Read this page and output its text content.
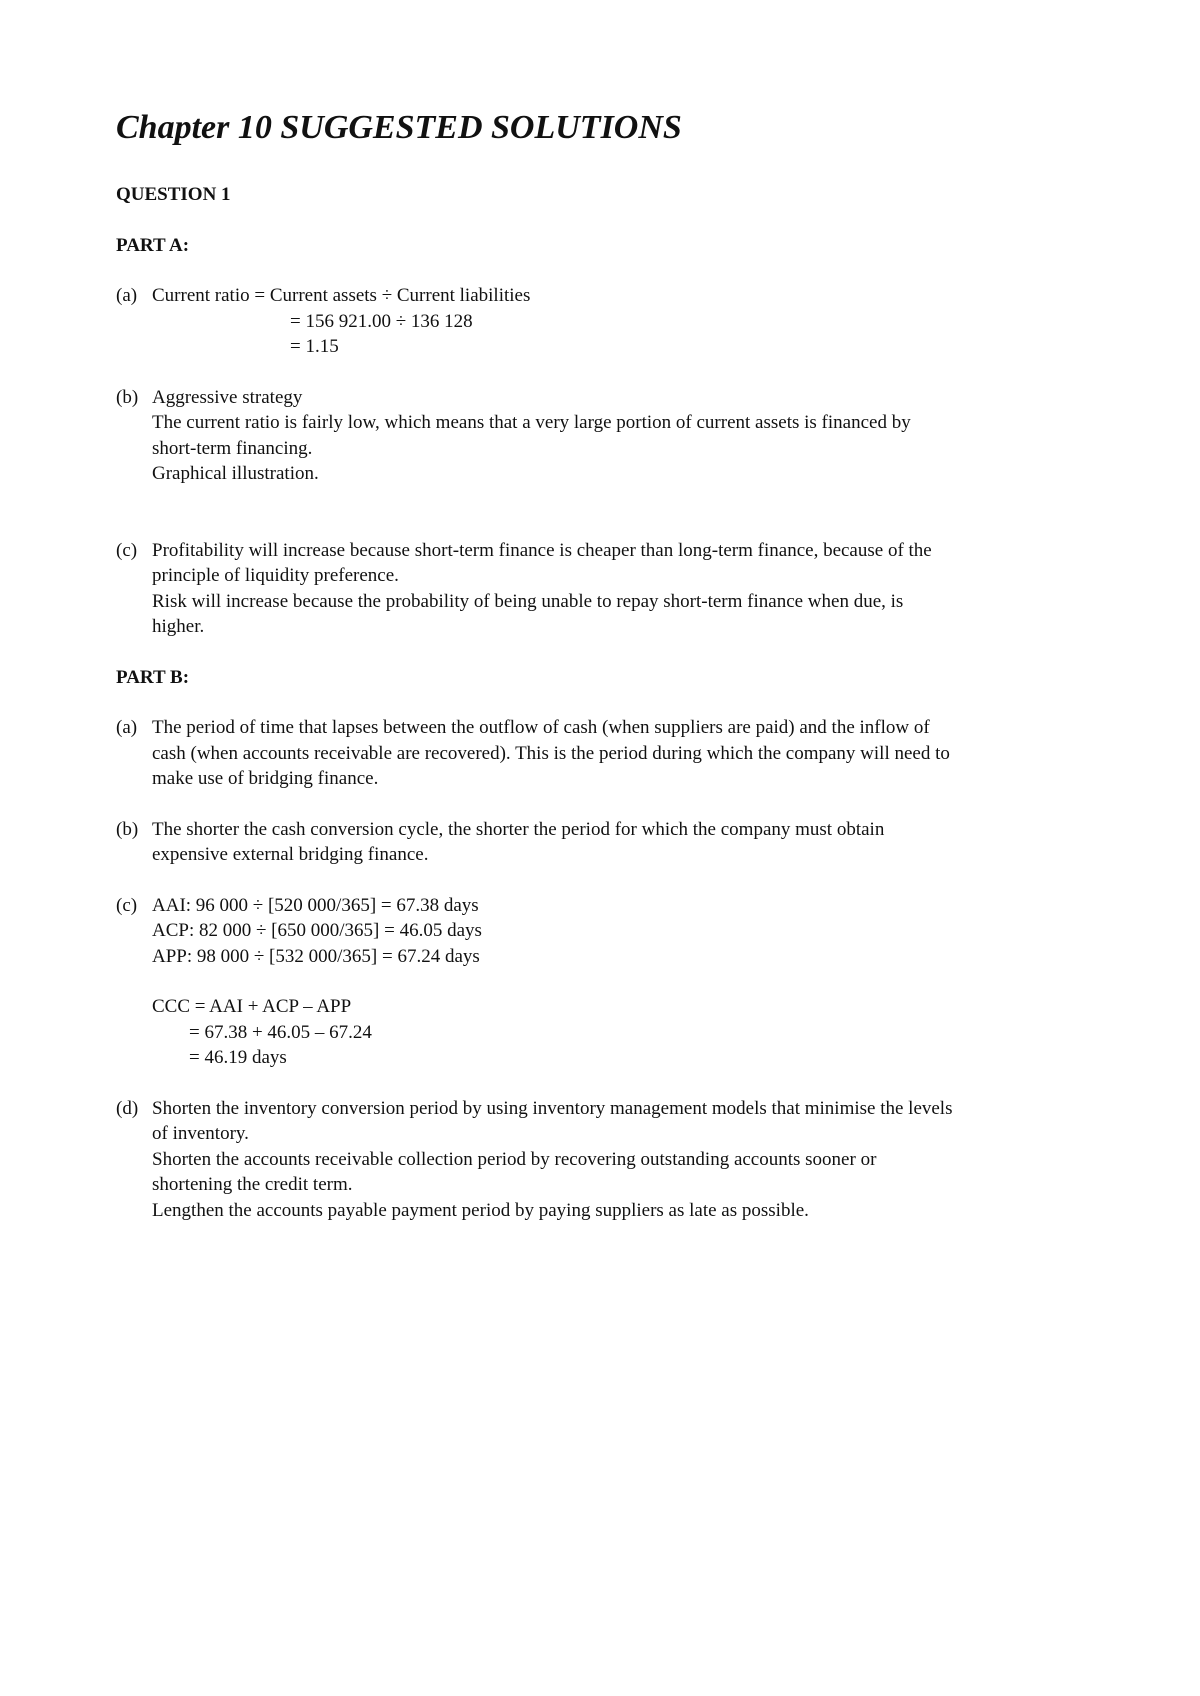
Chapter 10 SUGGESTED SOLUTIONS
QUESTION 1
PART A:
(a) Current ratio = Current assets ÷ Current liabilities
= 156 921.00 ÷ 136 128
= 1.15
(b) Aggressive strategy
The current ratio is fairly low, which means that a very large portion of current assets is financed by
short-term financing.
Graphical illustration.
(c) Profitability will increase because short-term finance is cheaper than long-term finance, because of the
principle of liquidity preference.
Risk will increase because the probability of being unable to repay short-term finance when due, is
higher.
PART B:
(a) The period of time that lapses between the outflow of cash (when suppliers are paid) and the inflow of
cash (when accounts receivable are recovered). This is the period during which the company will need to
make use of bridging finance.
(b) The shorter the cash conversion cycle, the shorter the period for which the company must obtain
expensive external bridging finance.
(c) AAI: 96 000 ÷ [520 000/365] = 67.38 days
ACP: 82 000 ÷ [650 000/365] = 46.05 days
APP: 98 000 ÷ [532 000/365] = 67.24 days
CCC = AAI + ACP – APP
= 67.38 + 46.05 – 67.24
= 46.19 days
(d) Shorten the inventory conversion period by using inventory management models that minimise the levels
of inventory.
Shorten the accounts receivable collection period by recovering outstanding accounts sooner or
shortening the credit term.
Lengthen the accounts payable payment period by paying suppliers as late as possible.
